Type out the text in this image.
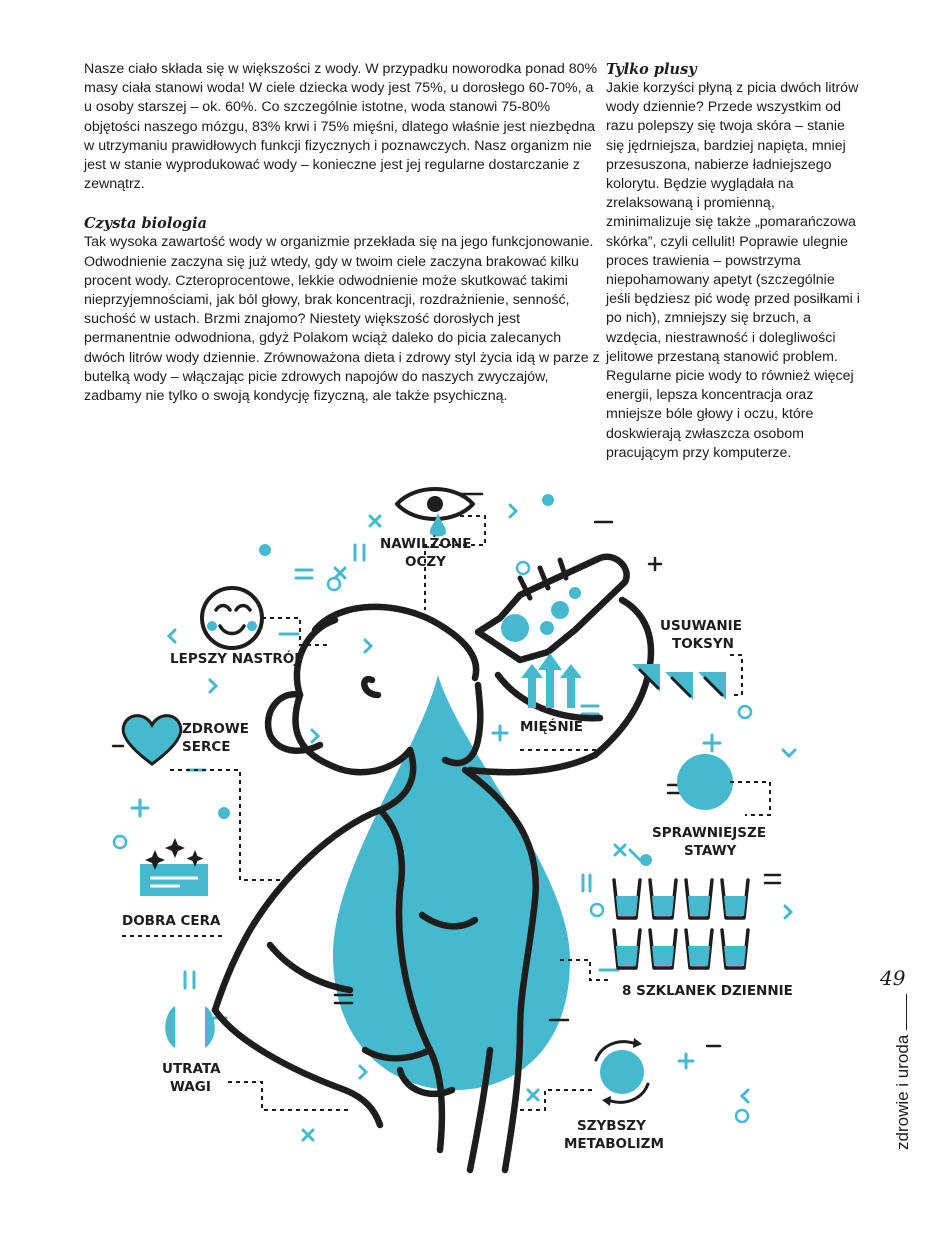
Nasze ciało składa się w większości z wody. W przypadku noworodka ponad 80% masy ciała stanowi woda! W ciele dziecka wody jest 75%, u dorosłego 60-70%, a u osoby starszej – ok. 60%. Co szczególnie istotne, woda stanowi 75-80% objętości naszego mózgu, 83% krwi i 75% mięśni, dlatego właśnie jest niezbędna w utrzymaniu prawidłowych funkcji fizycznych i poznawczych. Nasz organizm nie jest w stanie wyprodukować wody – konieczne jest jej regularne dostarczanie z zewnątrz.

Czysta biologia

Tak wysoka zawartość wody w organizmie przekłada się na jego funkcjonowanie. Odwodnienie zaczyna się już wtedy, gdy w twoim ciele zaczyna brakować kilku procent wody. Czteroprocentowe, lekkie odwodnienie może skutkować takimi nieprzyjemnościami, jak ból głowy, brak koncentracji, rozdrażnienie, senność, suchość w ustach. Brzmi znajomo? Niestety większość dorosłych jest permanentnie odwodniona, gdyż Polakom wciąż daleko do picia zalecanych dwóch litrów wody dziennie. Zrównoważona dieta i zdrowy styl życia idą w parze z butelką wody – włączając picie zdrowych napojów do naszych zwyczajów, zadbamy nie tylko o swoją kondycję fizyczną, ale także psychiczną.

Tylko plusy

Jakie korzyści płyną z picia dwóch litrów wody dziennie? Przede wszystkim od razu polepszy się twoja skóra – stanie się jędrniejsza, bardziej napięta, mniej przesuszona, nabierze ładniejszego kolorytu. Będzie wyglądała na zrelaksowaną i promienną, zminimalizuje się także „pomarańczowa skórka”, czyli cellulit! Poprawie ulegnie proces trawienia – powstrzyma niepohamowany apetyt (szczególnie jeśli będziesz pić wodę przed posiłkami i po nich), zmniejszy się brzuch, a wzdęcia, niestrawność i dolegliwości jelitowe przestaną stanowić problem. Regularne picie wody to również więcej energii, lepsza koncentracja oraz mniejsze bóle głowy i oczu, które doskwierają zwłaszcza osobom pracującym przy komputerze.

NAWILŻONE
OCZY
LEPSZY NASTRÓJ
ZDROWE
SERCE
DOBRA CERA
UTRATA
WAGI
USUWANIE
TOKSYN
MIĘŚNIE
SPRAWNIEJSZE
STAWY
8 SZKLANEK DZIENNIE
SZYBSZY
METABOLIZM
49
zdrowie i uroda
